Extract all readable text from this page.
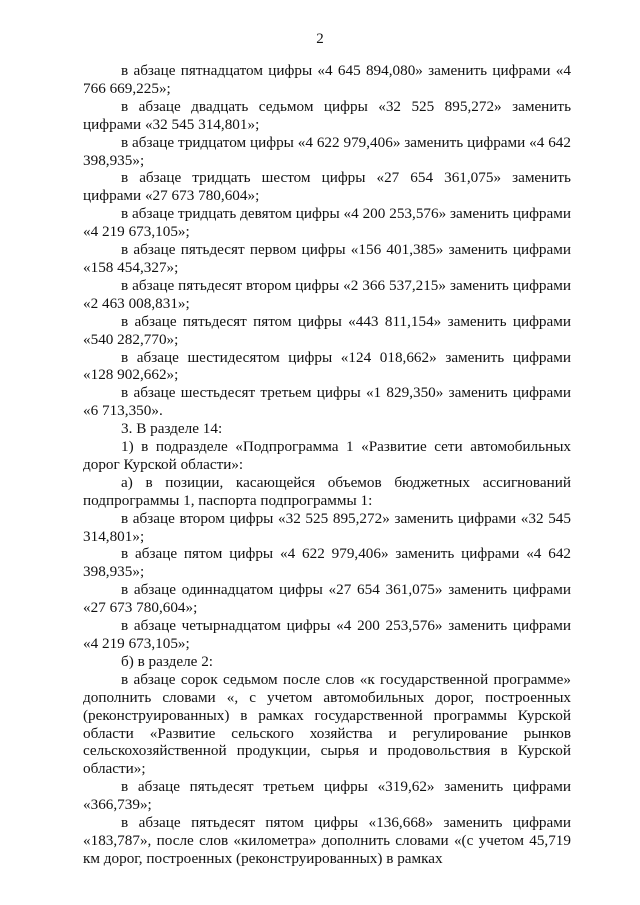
2

в абзаце пятнадцатом цифры «4 645 894,080» заменить цифрами «4 766 669,225»;

в абзаце двадцать седьмом цифры «32 525 895,272» заменить цифрами «32 545 314,801»;

в абзаце тридцатом цифры «4 622 979,406» заменить цифрами «4 642 398,935»;

в абзаце тридцать шестом цифры «27 654 361,075» заменить цифрами «27 673 780,604»;

в абзаце тридцать девятом цифры «4 200 253,576» заменить цифрами «4 219 673,105»;

в абзаце пятьдесят первом цифры «156 401,385» заменить цифрами «158 454,327»;

в абзаце пятьдесят втором цифры «2 366 537,215» заменить цифрами «2 463 008,831»;

в абзаце пятьдесят пятом цифры «443 811,154» заменить цифрами «540 282,770»;

в абзаце шестидесятом цифры «124 018,662» заменить цифрами «128 902,662»;

в абзаце шестьдесят третьем цифры «1 829,350» заменить цифрами «6 713,350».

3. В разделе 14:

1) в подразделе «Подпрограмма 1 «Развитие сети автомобильных дорог Курской области»:

а) в позиции, касающейся объемов бюджетных ассигнований подпрограммы 1, паспорта подпрограммы 1:

в абзаце втором цифры «32 525 895,272» заменить цифрами «32 545 314,801»;

в абзаце пятом цифры «4 622 979,406» заменить цифрами «4 642 398,935»;

в абзаце одиннадцатом цифры «27 654 361,075» заменить цифрами «27 673 780,604»;

в абзаце четырнадцатом цифры «4 200 253,576» заменить цифрами «4 219 673,105»;

б) в разделе 2:

в абзаце сорок седьмом после слов «к государственной программе» дополнить словами «, с учетом автомобильных дорог, построенных (реконструированных) в рамках государственной программы Курской области «Развитие сельского хозяйства и регулирование рынков сельскохозяйственной продукции, сырья и продовольствия в Курской области»;

в абзаце пятьдесят третьем цифры «319,62» заменить цифрами «366,739»;

в абзаце пятьдесят пятом цифры «136,668» заменить цифрами «183,787», после слов «километра» дополнить словами «(с учетом 45,719 км дорог, построенных (реконструированных) в рамках
